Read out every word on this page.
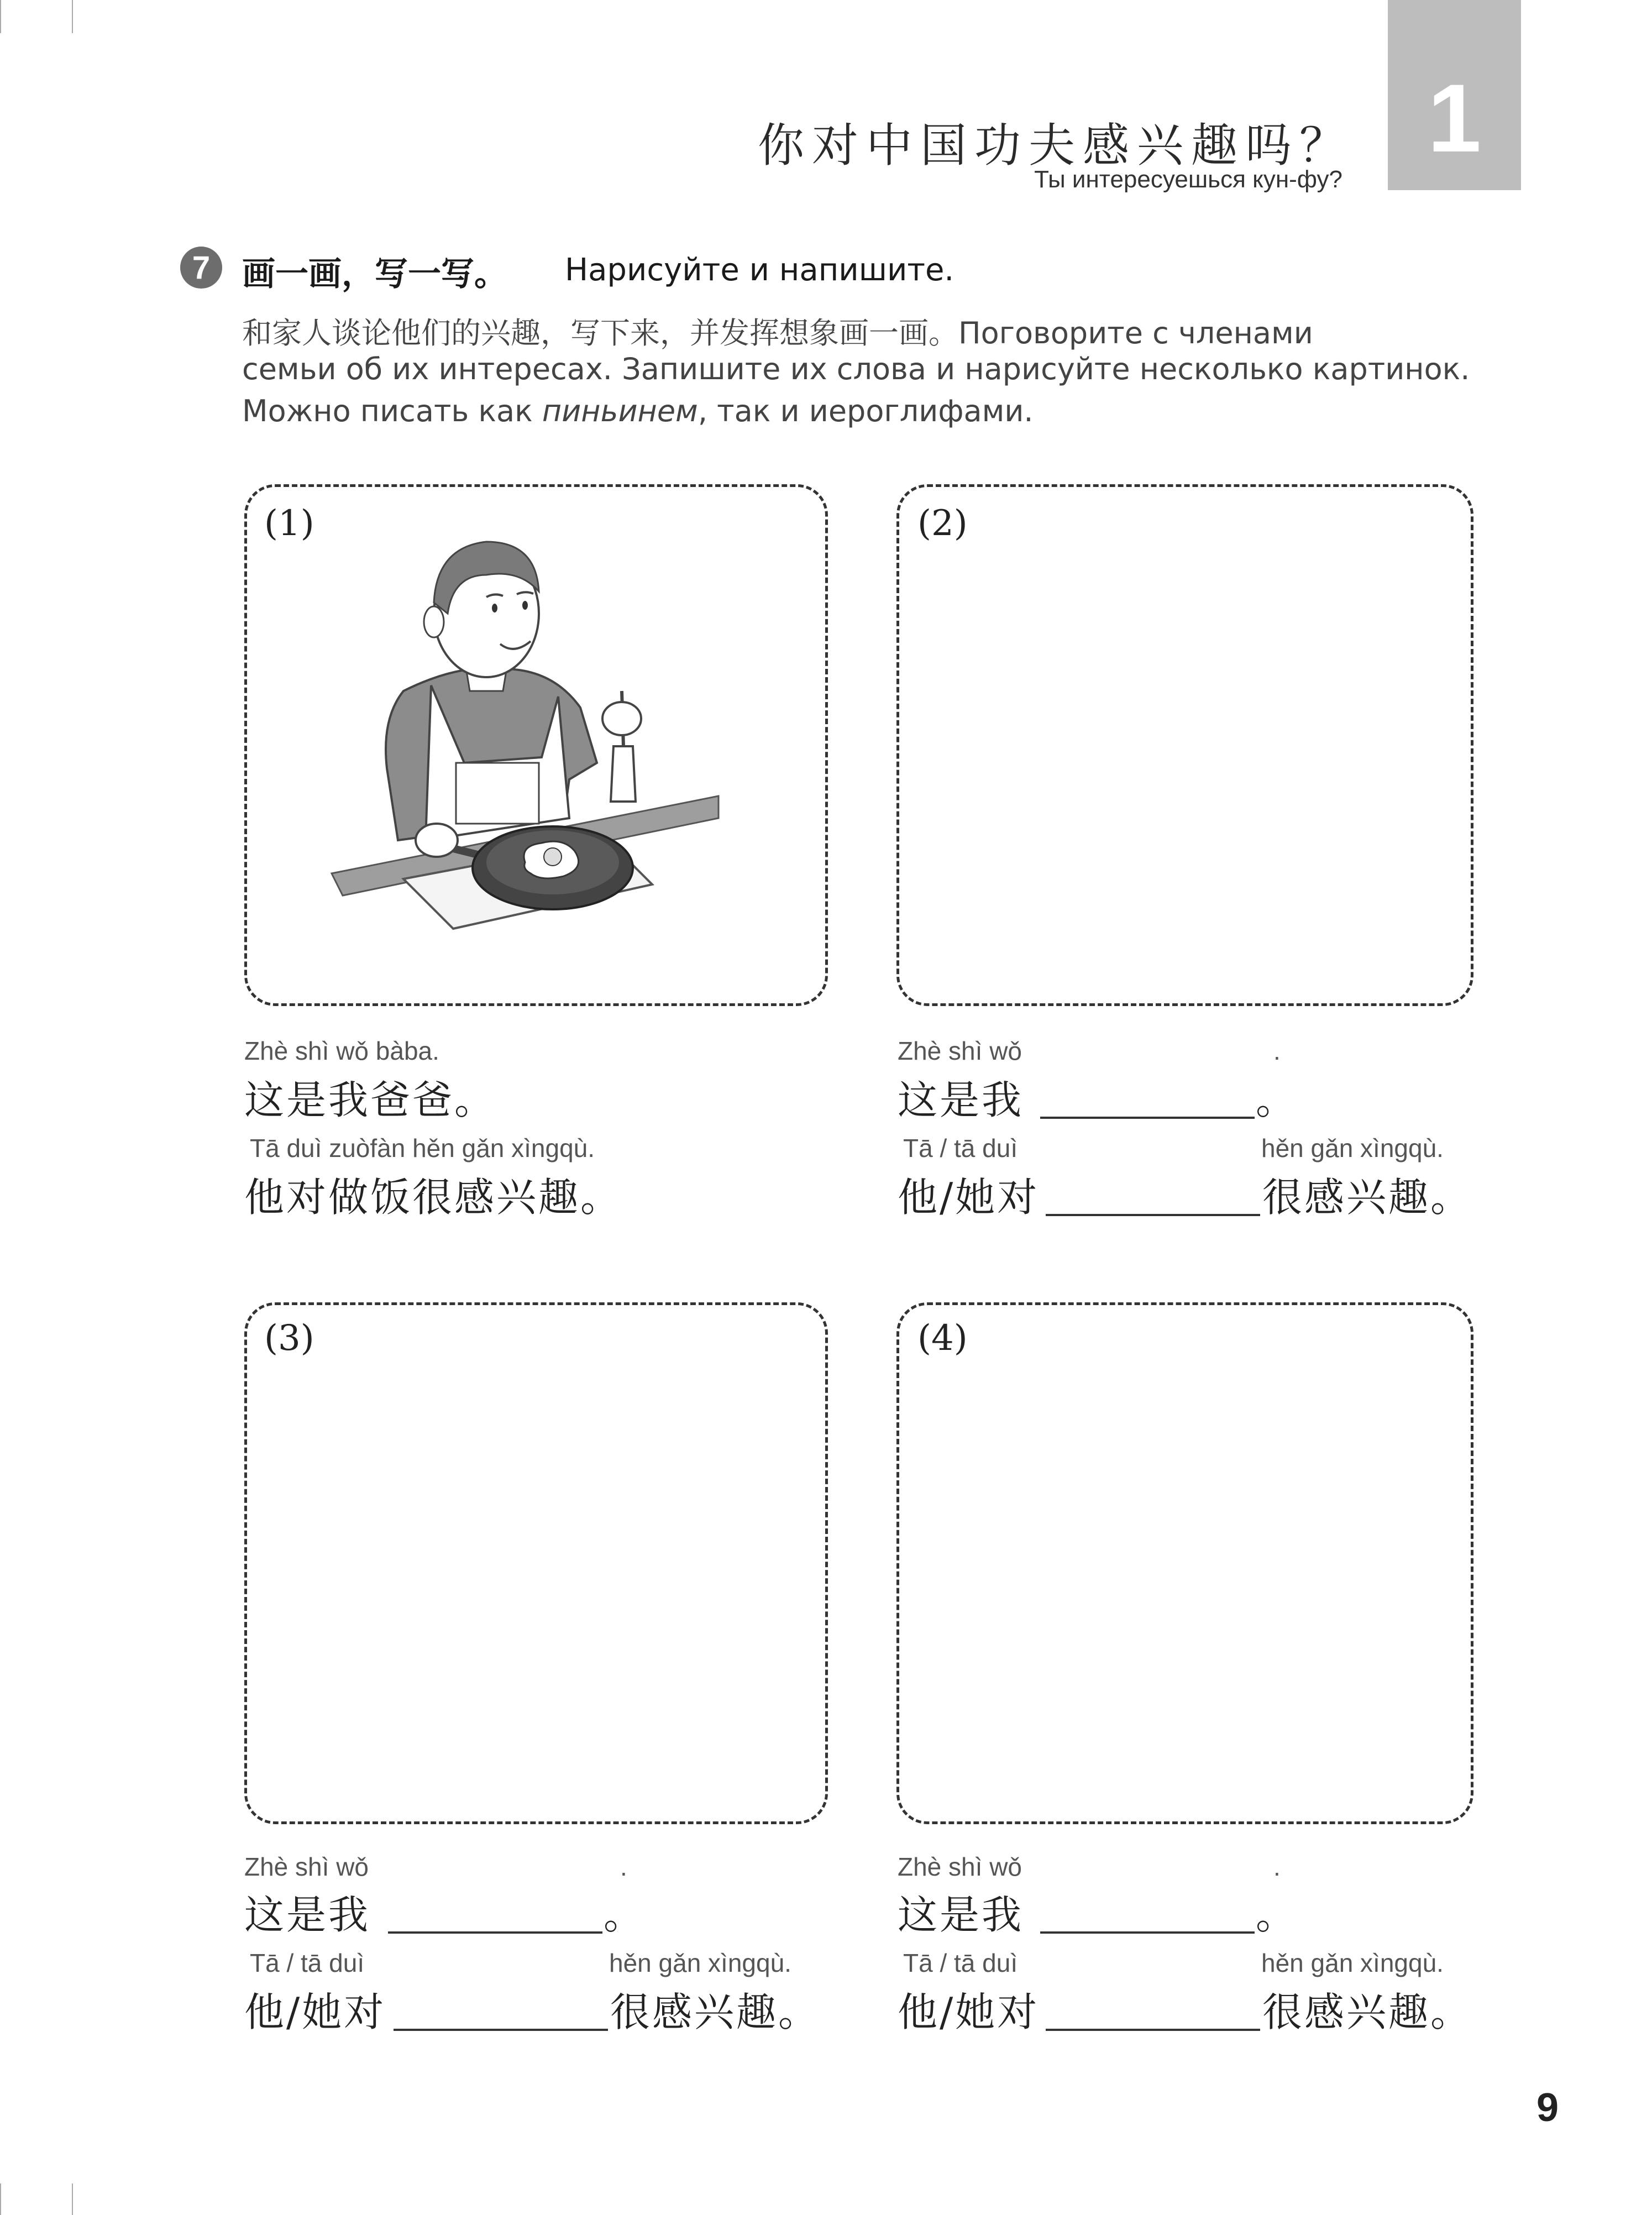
1
你对中国功夫感兴趣吗？
Ты интересуешься кун-фу?
7 画一画，写一写。 Нарисуйте и напишите.
和家人谈论他们的兴趣，写下来，并发挥想象画一画。Поговорите с членами
семьи об их интересах. Запишите их слова и нарисуйте несколько картинок.
Можно писать как пиньинем, так и иероглифами.
(1)
Zhè shì wǒ bàba.
这是我爸爸。
Tā duì zuòfàn hěn gǎn xìngqù.
他对做饭很感兴趣。
(2)
Zhè shì wǒ	.
这是我	。
Tā / tā duì	hěn gǎn xìngqù.
他/她对	很感兴趣。
(3)
Zhè shì wǒ	.
这是我	。
Tā / tā duì	hěn gǎn xìngqù.
他/她对	很感兴趣。
(4)
Zhè shì wǒ	.
这是我	。
Tā / tā duì	hěn gǎn xìngqù.
他/她对	很感兴趣。
9
